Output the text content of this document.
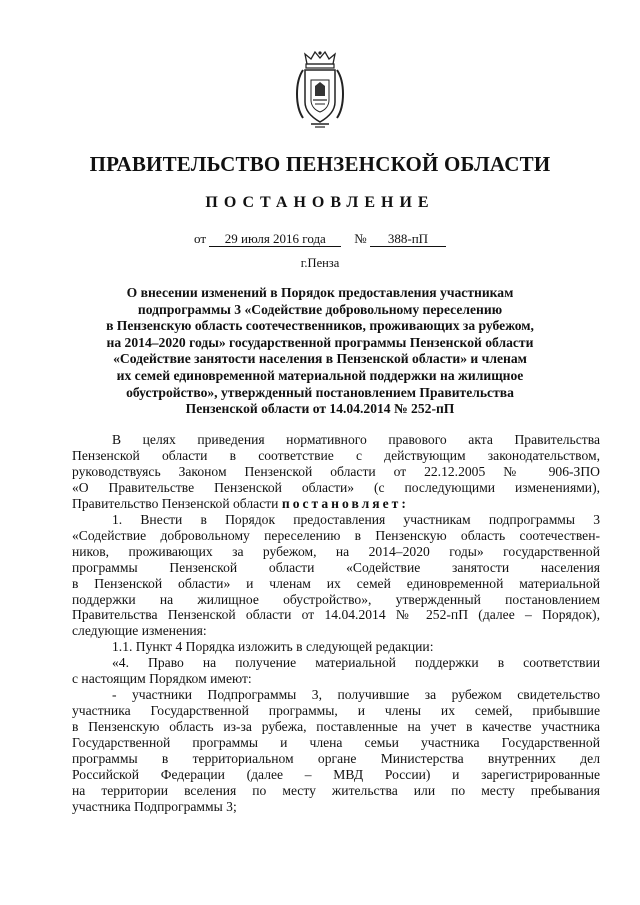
ПРАВИТЕЛЬСТВО ПЕНЗЕНСКОЙ ОБЛАСТИ
ПОСТАНОВЛЕНИЕ
от 29 июля 2016 года № 388-пП
г.Пенза
О внесении изменений в Порядок предоставления участникам
подпрограммы 3 «Содействие добровольному переселению
в Пензенскую область соотечественников, проживающих за рубежом,
на 2014–2020 годы» государственной программы Пензенской области
«Содействие занятости населения в Пензенской области» и членам
их семей единовременной материальной поддержки на жилищное
обустройство», утвержденный постановлением Правительства
Пензенской области от 14.04.2014 № 252-пП
В целях приведения нормативного правового акта Правительства
Пензенской области в соответствие с действующим законодательством,
руководствуясь Законом Пензенской области от 22.12.2005 № 906-ЗПО
«О Правительстве Пензенской области» (с последующими изменениями),
Правительство Пензенской области постановляет:
1. Внести в Порядок предоставления участникам подпрограммы 3
«Содействие добровольному переселению в Пензенскую область соотечествен-
ников, проживающих за рубежом, на 2014–2020 годы» государственной
программы Пензенской области «Содействие занятости населения
в Пензенской области» и членам их семей единовременной материальной
поддержки на жилищное обустройство», утвержденный постановлением
Правительства Пензенской области от 14.04.2014 № 252-пП (далее – Порядок),
следующие изменения:
1.1. Пункт 4 Порядка изложить в следующей редакции:
«4. Право на получение материальной поддержки в соответствии
с настоящим Порядком имеют:
- участники Подпрограммы 3, получившие за рубежом свидетельство
участника Государственной программы, и члены их семей, прибывшие
в Пензенскую область из-за рубежа, поставленные на учет в качестве участника
Государственной программы и члена семьи участника Государственной
программы в территориальном органе Министерства внутренних дел
Российской Федерации (далее – МВД России) и зарегистрированные
на территории вселения по месту жительства или по месту пребывания
участника Подпрограммы 3;
